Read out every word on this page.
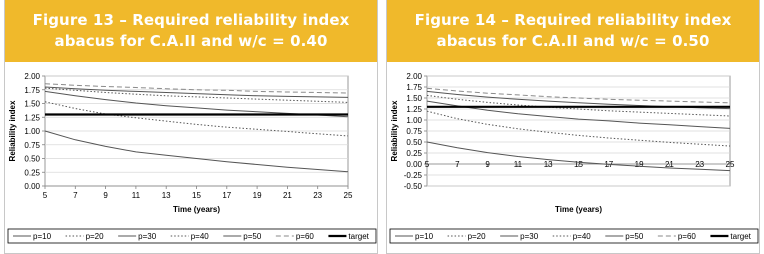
Figure 13 – Required reliability index
abacus for C.A.II and w/c = 0.40
0.00
0.25
0.50
0.75
1.00
1.25
1.50
1.75
2.00
5	7	9	11	13	15	17	19	21	23	25
Time (years)
Reliability index
p=10	p=20	p=30	p=40	p=50	p=60	target
Figure 14 – Required reliability index
abacus for C.A.II and w/c = 0.50
-0.50
-0.25
0.00
0.25
0.50
0.75
1.00
1.25
1.50
1.75
2.00
5	7	9	11	13	15	17	19	21	23	25
Time (years)
Reliability index
p=10	p=20	p=30	p=40	p=50	p=60	target
